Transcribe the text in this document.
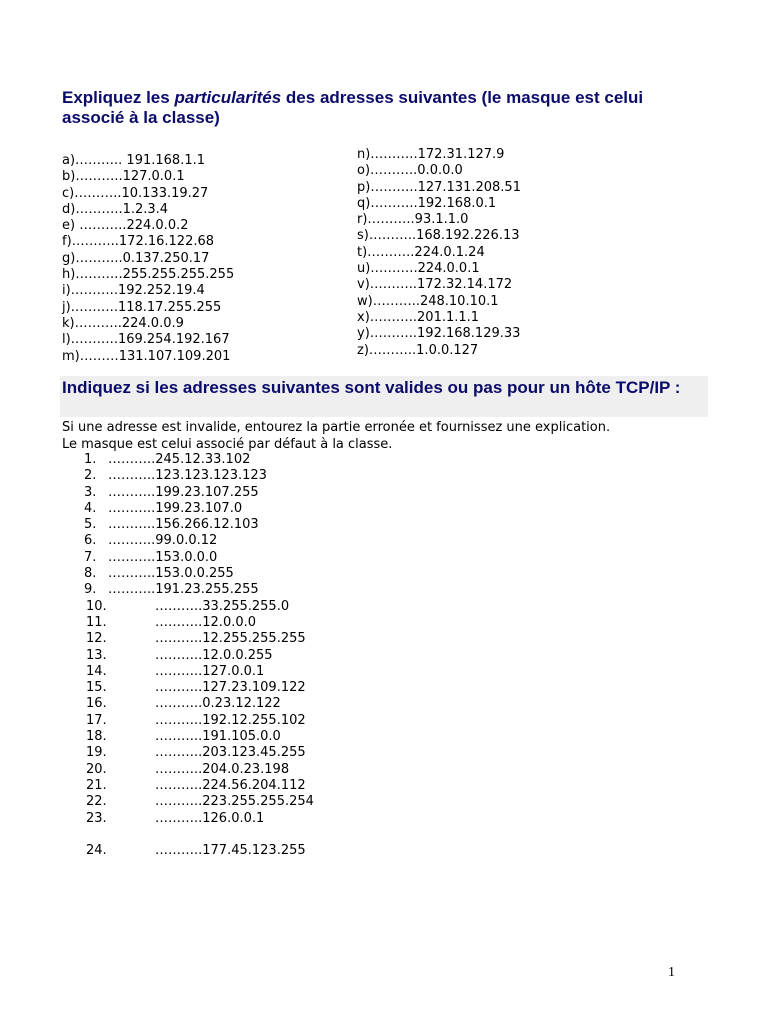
Expliquez les particularités des adresses suivantes (le masque est celui associé à la classe)
a)……….. 191.168.1.1
b)………..127.0.0.1
c)………..10.133.19.27
d)………..1.2.3.4
e) ………..224.0.0.2
f)………..172.16.122.68
g)………..0.137.250.17
h)………..255.255.255.255
i)………..192.252.19.4
j)………..118.17.255.255
k)………..224.0.0.9
l)………..169.254.192.167
m)………131.107.109.201
n)………..172.31.127.9
o)………..0.0.0.0
p)………..127.131.208.51
q)………..192.168.0.1
r)………..93.1.1.0
s)………..168.192.226.13
t)………..224.0.1.24
u)………..224.0.0.1
v)………..172.32.14.172
w)………..248.10.10.1
x)………..201.1.1.1
y)………..192.168.129.33
z)………..1.0.0.127
Indiquez si les adresses suivantes sont valides ou pas pour un hôte TCP/IP :
Si une adresse est invalide, entourez la partie erronée et fournissez une explication.
Le masque est celui associé par défaut à la classe.
1. ………..245.12.33.102
2. ………..123.123.123.123
3. ………..199.23.107.255
4. ………..199.23.107.0
5. ………..156.266.12.103
6. ………..99.0.0.12
7. ………..153.0.0.0
8. ………..153.0.0.255
9. ………..191.23.255.255
10.	………..33.255.255.0
11.	………..12.0.0.0
12.	………..12.255.255.255
13.	………..12.0.0.255
14.	………..127.0.0.1
15.	………..127.23.109.122
16.	………..0.23.12.122
17.	………..192.12.255.102
18.	………..191.105.0.0
19.	………..203.123.45.255
20.	………..204.0.23.198
21.	………..224.56.204.112
22.	………..223.255.255.254
23.	………..126.0.0.1
24.	………..177.45.123.255
1
